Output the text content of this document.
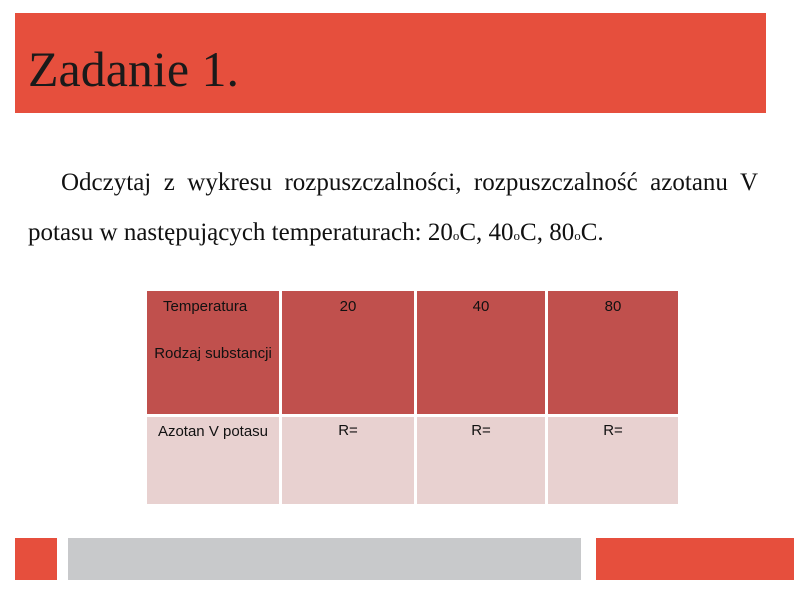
Zadanie 1.

Odczytaj z wykresu rozpuszczalności, rozpuszczalność azotanu V potasu w następujących temperaturach: 20oC, 40oC, 80oC.

Temperatura
Rodzaj substancji	20	40	80
Azotan V potasu	R=	R=	R=
